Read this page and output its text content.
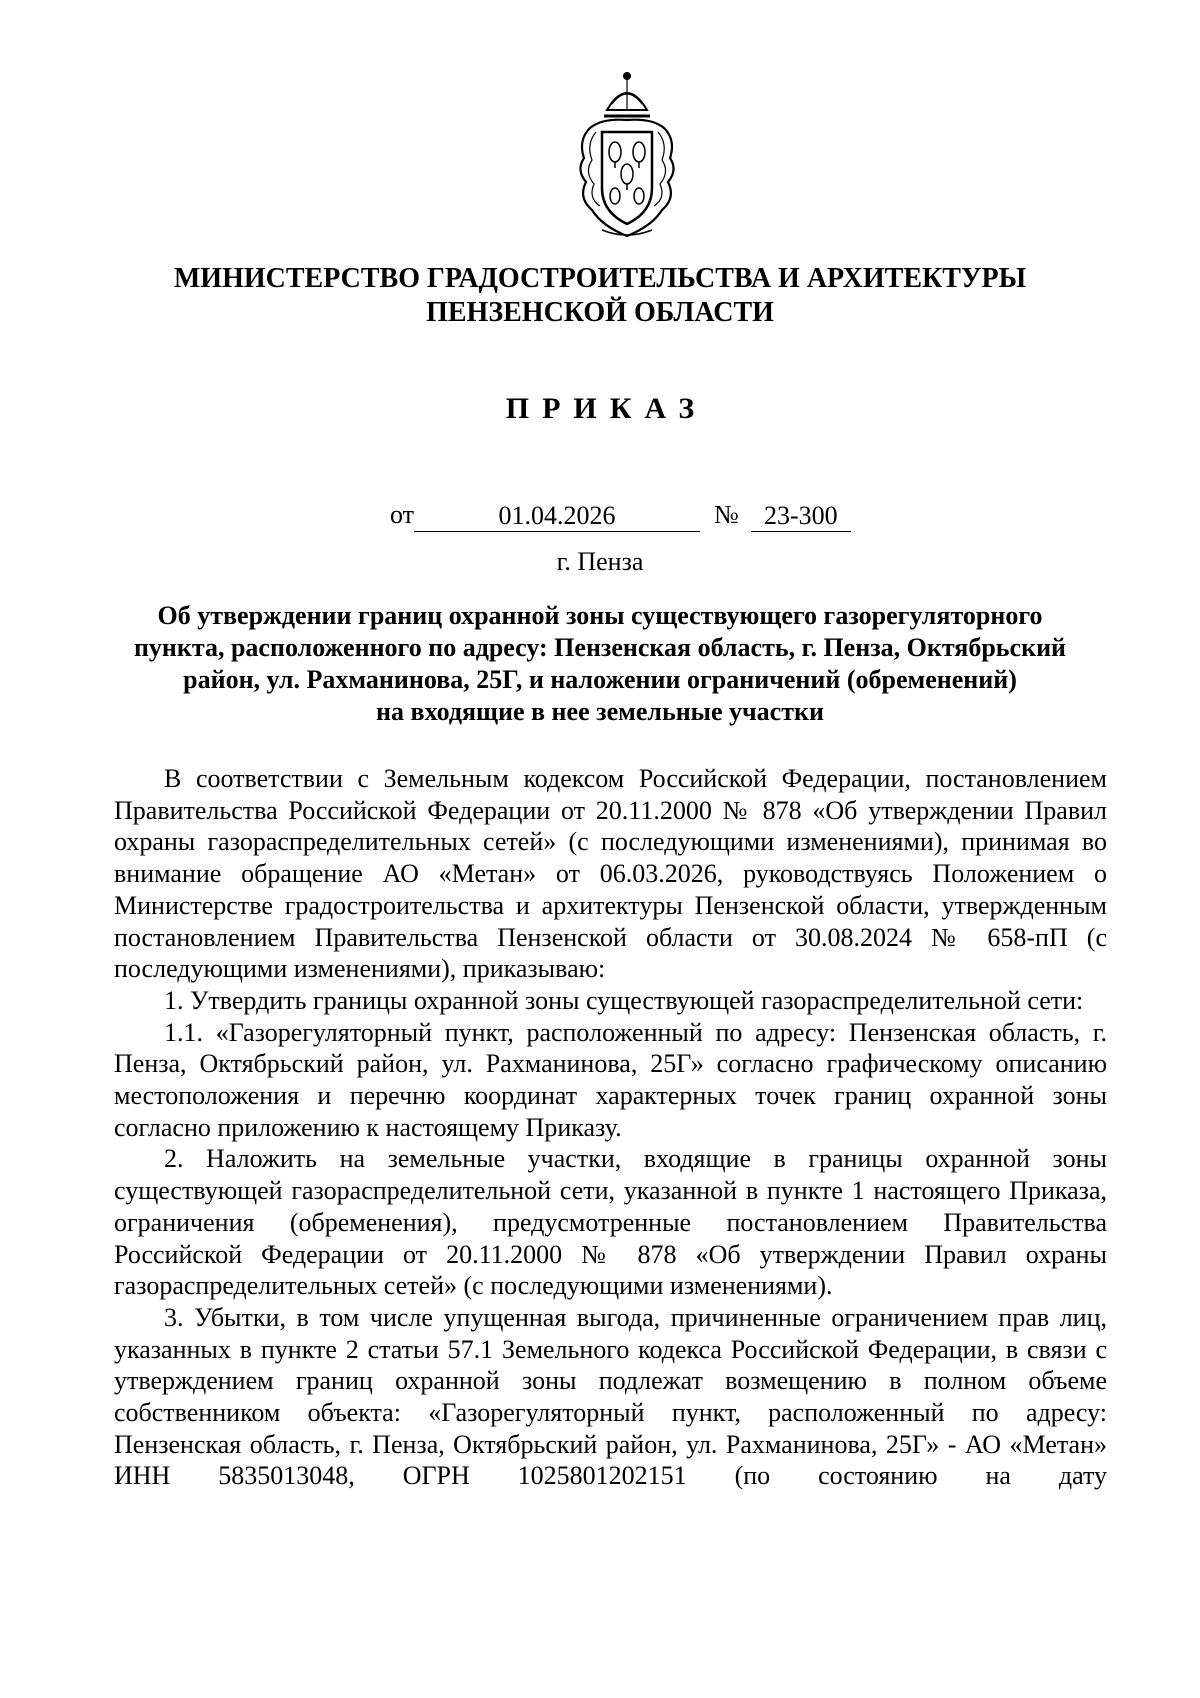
МИНИСТЕРСТВО ГРАДОСТРОИТЕЛЬСТВА И АРХИТЕКТУРЫ
ПЕНЗЕНСКОЙ ОБЛАСТИ
ПРИКАЗ
от	01.04.2026	№ 23-300
г. Пенза
Об утверждении границ охранной зоны существующего газорегуляторного
пункта, расположенного по адресу: Пензенская область, г. Пенза, Октябрьский
район, ул. Рахманинова, 25Г, и наложении ограничений (обременений)
на входящие в нее земельные участки

В соответствии с Земельным кодексом Российской Федерации, постановлением Правительства Российской Федерации от 20.11.2000 № 878 «Об утверждении Правил охраны газораспределительных сетей» (с последующими изменениями), принимая во внимание обращение АО «Метан» от 06.03.2026, руководствуясь Положением о Министерстве градостроительства и архитектуры Пензенской области, утвержденным постановлением Правительства Пензенской области от 30.08.2024 № 658-пП (с последующими изменениями), приказываю:

1. Утвердить границы охранной зоны существующей газораспределительной сети:

1.1. «Газорегуляторный пункт, расположенный по адресу: Пензенская область, г. Пенза, Октябрьский район, ул. Рахманинова, 25Г» согласно графическому описанию местоположения и перечню координат характерных точек границ охранной зоны согласно приложению к настоящему Приказу.

2. Наложить на земельные участки, входящие в границы охранной зоны существующей газораспределительной сети, указанной в пункте 1 настоящего Приказа, ограничения (обременения), предусмотренные постановлением Правительства Российской Федерации от 20.11.2000 № 878 «Об утверждении Правил охраны газораспределительных сетей» (с последующими изменениями).

3. Убытки, в том числе упущенная выгода, причиненные ограничением прав лиц, указанных в пункте 2 статьи 57.1 Земельного кодекса Российской Федерации, в связи с утверждением границ охранной зоны подлежат возмещению в полном объеме собственником объекта: «Газорегуляторный пункт, расположенный по адресу: Пензенская область, г. Пенза, Октябрьский район, ул. Рахманинова, 25Г» - АО «Метан» ИНН 5835013048, ОГРН 1025801202151 (по состоянию на дату
